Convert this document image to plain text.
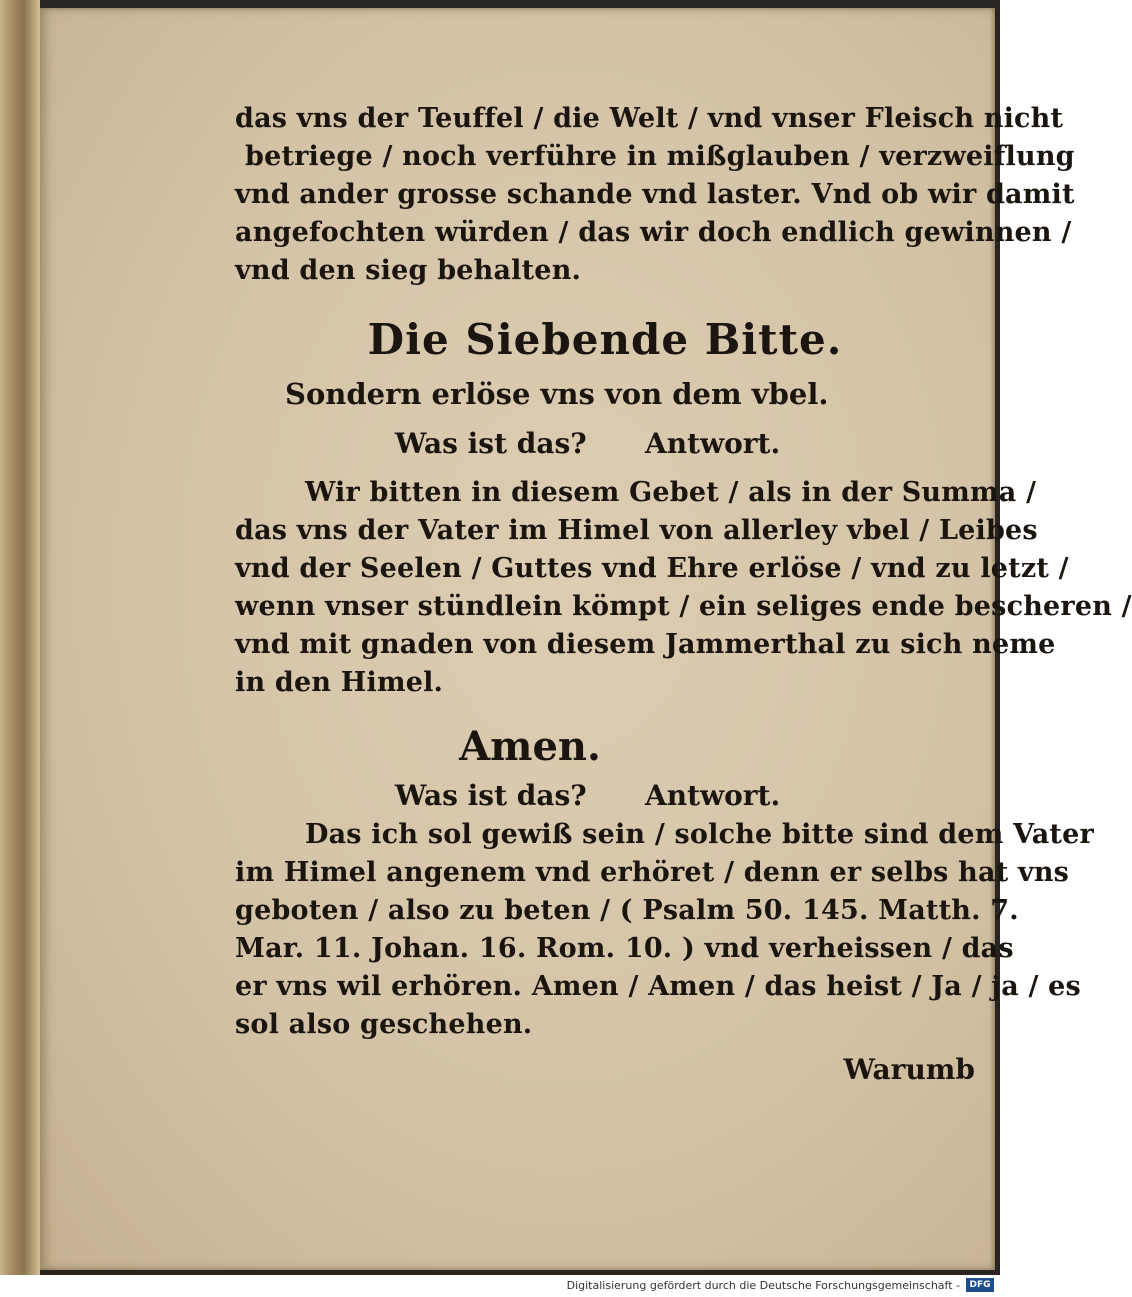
das vns der Teuffel / die Welt / vnd vnser Fleisch nicht
betriege / noch verführe in mißglauben / verzweiflung
vnd ander grosse schande vnd laster. Vnd ob wir damit
angefochten würden / das wir doch endlich gewinnen /
vnd den sieg behalten.
Die Siebende Bitte.
Sondern erlöse vns von dem vbel.
Was ist das?	Antwort.
Wir bitten in diesem Gebet / als in der Summa /
das vns der Vater im Himel von allerley vbel / Leibes
vnd der Seelen / Guttes vnd Ehre erlöse / vnd zu letzt /
wenn vnser stündlein kömpt / ein seliges ende bescheren /
vnd mit gnaden von diesem Jammerthal zu sich neme
in den Himel.
Amen.
Was ist das?	Antwort.
Das ich sol gewiß sein / solche bitte sind dem Vater
im Himel angenem vnd erhöret / denn er selbs hat vns
geboten / also zu beten / ( Psalm 50. 145. Matth. 7.
Mar. 11. Johan. 16. Rom. 10. ) vnd verheissen / das
er vns wil erhören. Amen / Amen / das heist / Ja / ja / es
sol also geschehen.
Warumb
Digitalisierung gefördert durch die Deutsche Forschungsgemeinschaft -	DFG
